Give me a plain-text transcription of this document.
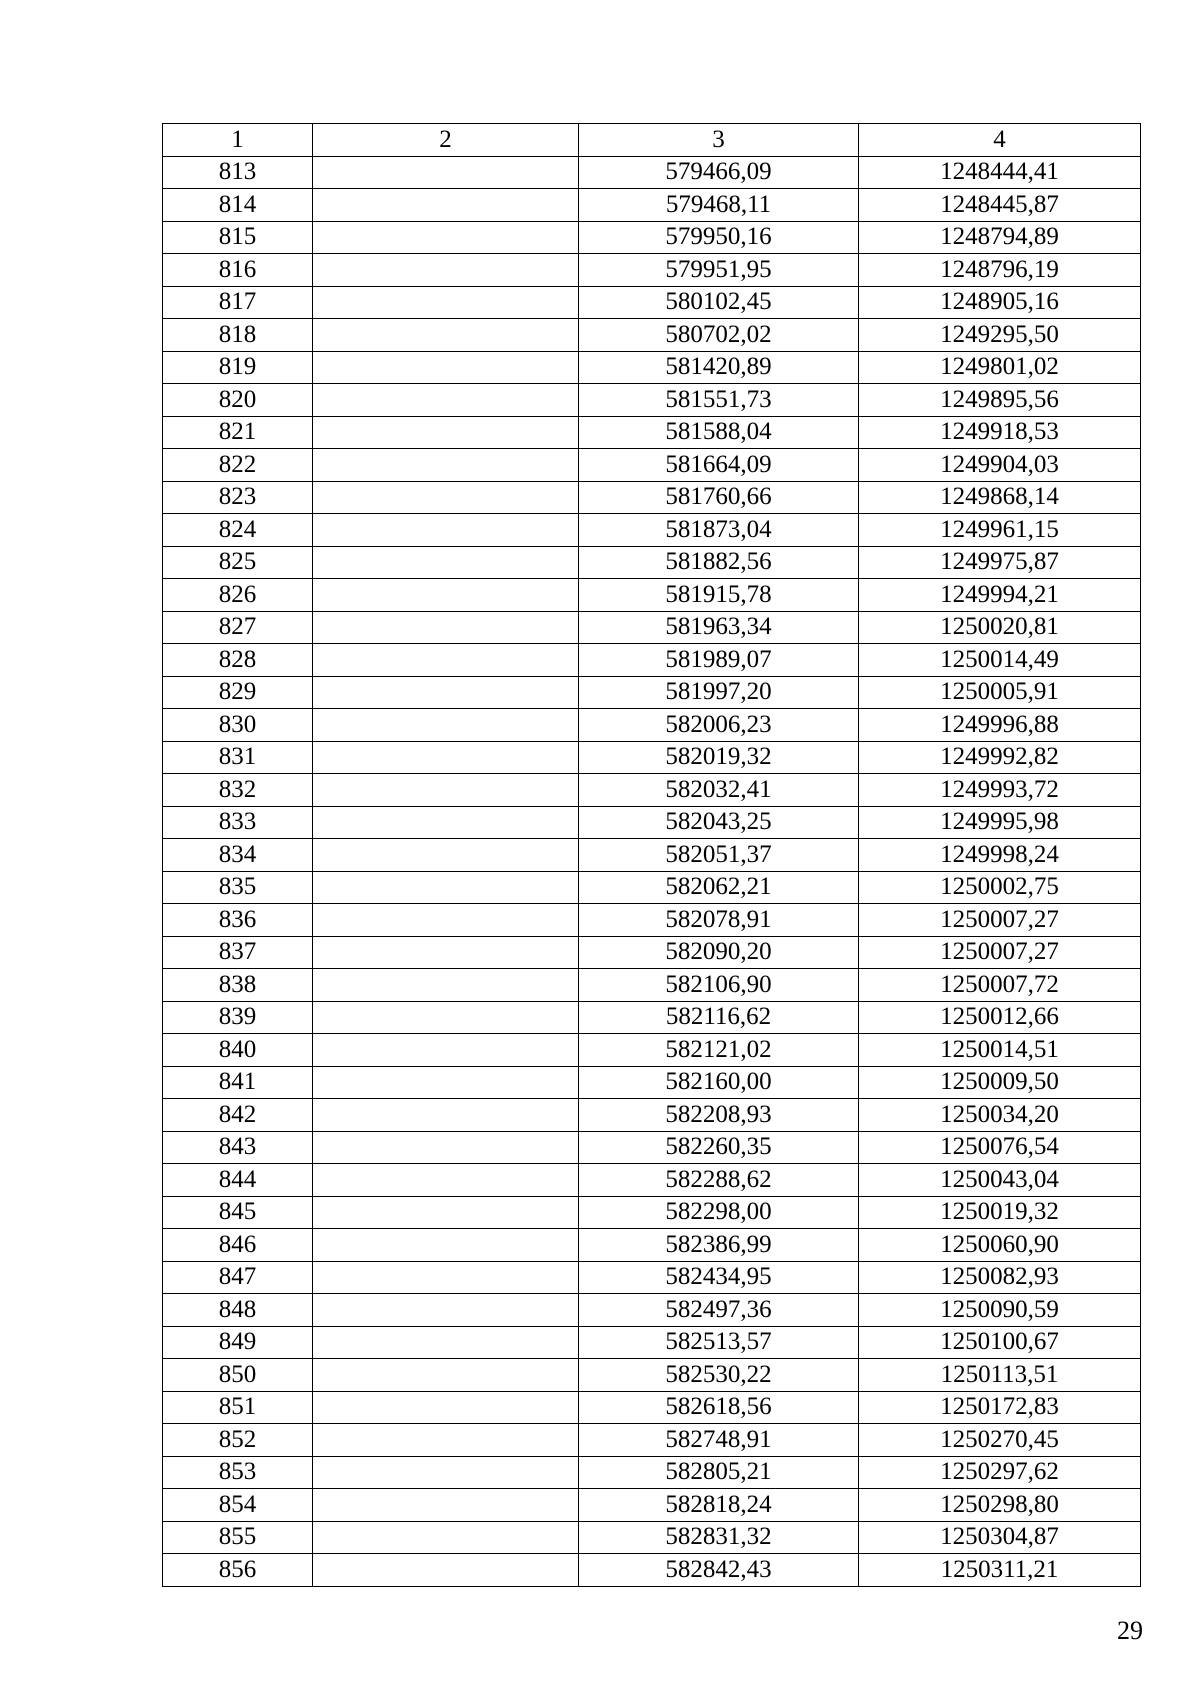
1	2	3	4
813		579466,09	1248444,41
814		579468,11	1248445,87
815		579950,16	1248794,89
816		579951,95	1248796,19
817		580102,45	1248905,16
818		580702,02	1249295,50
819		581420,89	1249801,02
820		581551,73	1249895,56
821		581588,04	1249918,53
822		581664,09	1249904,03
823		581760,66	1249868,14
824		581873,04	1249961,15
825		581882,56	1249975,87
826		581915,78	1249994,21
827		581963,34	1250020,81
828		581989,07	1250014,49
829		581997,20	1250005,91
830		582006,23	1249996,88
831		582019,32	1249992,82
832		582032,41	1249993,72
833		582043,25	1249995,98
834		582051,37	1249998,24
835		582062,21	1250002,75
836		582078,91	1250007,27
837		582090,20	1250007,27
838		582106,90	1250007,72
839		582116,62	1250012,66
840		582121,02	1250014,51
841		582160,00	1250009,50
842		582208,93	1250034,20
843		582260,35	1250076,54
844		582288,62	1250043,04
845		582298,00	1250019,32
846		582386,99	1250060,90
847		582434,95	1250082,93
848		582497,36	1250090,59
849		582513,57	1250100,67
850		582530,22	1250113,51
851		582618,56	1250172,83
852		582748,91	1250270,45
853		582805,21	1250297,62
854		582818,24	1250298,80
855		582831,32	1250304,87
856		582842,43	1250311,21
29
